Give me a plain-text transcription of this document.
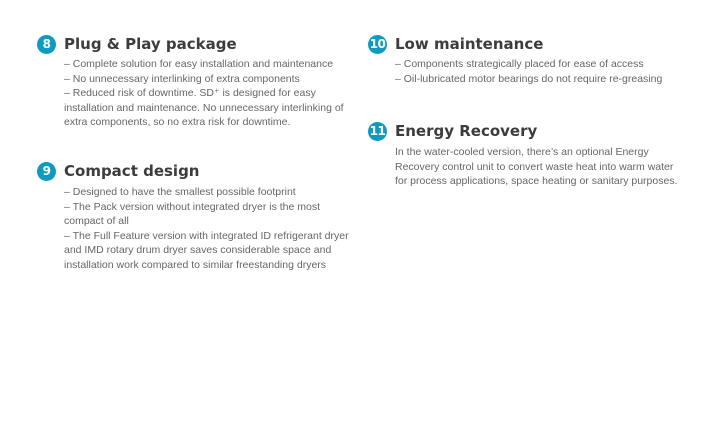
8 Plug & Play package
– Complete solution for easy installation and maintenance
– No unnecessary interlinking of extra components
– Reduced risk of downtime. SD⁺ is designed for easy installation and maintenance. No unnecessary interlinking of extra components, so no extra risk for downtime.
9 Compact design
– Designed to have the smallest possible footprint
– The Pack version without integrated dryer is the most compact of all
– The Full Feature version with integrated ID refrigerant dryer and IMD rotary drum dryer saves considerable space and installation work compared to similar freestanding dryers
10 Low maintenance
– Components strategically placed for ease of access
– Oil-lubricated motor bearings do not require re-greasing
11 Energy Recovery
In the water-cooled version, there’s an optional Energy Recovery control unit to convert waste heat into warm water for process applications, space heating or sanitary purposes.
